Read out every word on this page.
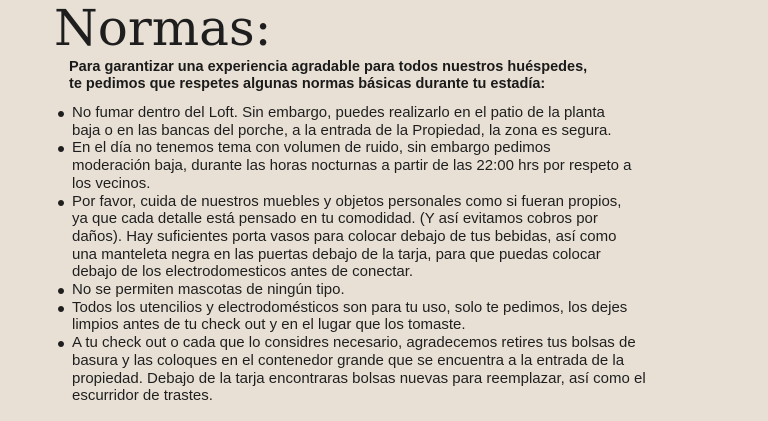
Normas:

Para garantizar una experiencia agradable para todos nuestros huéspedes,
te pedimos que respetes algunas normas básicas durante tu estadía:

No fumar dentro del Loft. Sin embargo, puedes realizarlo en el patio de la planta
baja o en las bancas del porche, a la entrada de la Propiedad, la zona es segura.
En el día no tenemos tema con volumen de ruido, sin embargo pedimos
moderación baja, durante las horas nocturnas a partir de las 22:00 hrs por respeto a
los vecinos.
Por favor, cuida de nuestros muebles y objetos personales como si fueran propios,
ya que cada detalle está pensado en tu comodidad. (Y así evitamos cobros por
daños). Hay suficientes porta vasos para colocar debajo de tus bebidas, así como
una manteleta negra en las puertas debajo de la tarja, para que puedas colocar
debajo de los electrodomesticos antes de conectar.
No se permiten mascotas de ningún tipo.
Todos los utencilios y electrodomésticos son para tu uso, solo te pedimos, los dejes
limpios antes de tu check out y en el lugar que los tomaste.
A tu check out o cada que lo considres necesario, agradecemos retires tus bolsas de
basura y las coloques en el contenedor grande que se encuentra a la entrada de la
propiedad. Debajo de la tarja encontraras bolsas nuevas para reemplazar, así como el
escurridor de trastes.
